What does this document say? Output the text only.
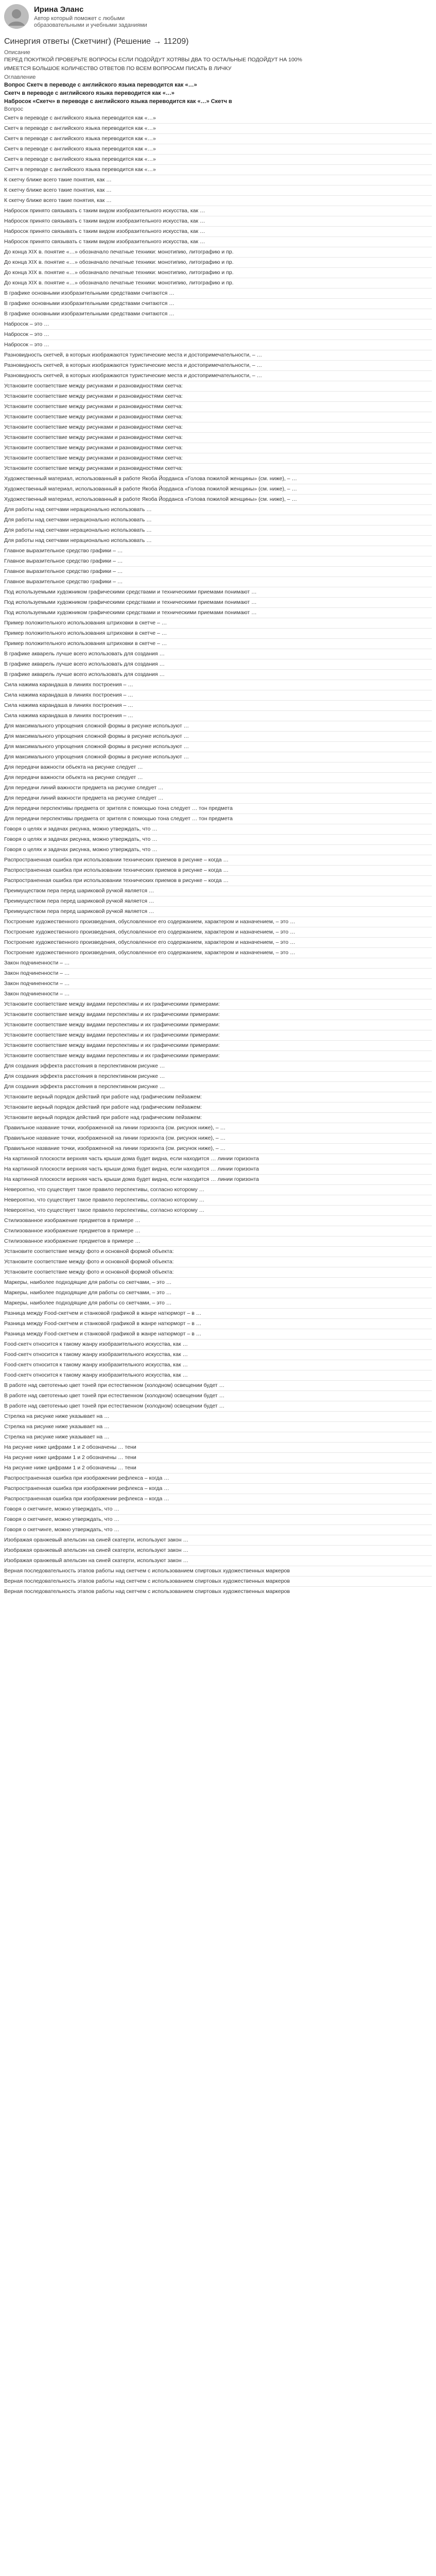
Ирина Эланс
Автор который поможет с любыми образовательными и учебными заданиями
Синергия ответы (Скетчинг) (Решение → 11209)
Описание
ПЕРЕД ПОКУПКОЙ ПРОВЕРЬТЕ ВОПРОСЫ ЕСЛИ ПОДОЙДУТ ХОТЯВЫ ДВА ТО ОСТАЛЬНЫЕ ПОДОЙДУТ НА 100%
ИМЕЕТСЯ БОЛЬШОЕ КОЛИЧЕСТВО ОТВЕТОВ ПО ВСЕМ ВОПРОСАМ ПИСАТЬ В ЛИЧКУ
Оглавление
Вопрос Скетч в переводе с английского языка переводится как «…»
Скетч в переводе с английского языка переводится как «…»
Набросок «Скетч» в переводе с английского языка переводится как «…» Скетч в
Вопрос
Скетч в переводе с английского языка переводится как «…»
Скетч в переводе с английского языка переводится как «…»
Скетч в переводе с английского языка переводится как «…»
Скетч в переводе с английского языка переводится как «…»
Скетч в переводе с английского языка переводится как «…»
Скетч в переводе с английского языка переводится как «…»
К скетчу ближе всего такие понятия, как …
К скетчу ближе всего такие понятия, как …
К скетчу ближе всего такие понятия, как …
Набросок принято связывать с таким видом изобразительного искусства, как …
Набросок принято связывать с таким видом изобразительного искусства, как …
Набросок принято связывать с таким видом изобразительного искусства, как …
Набросок принято связывать с таким видом изобразительного искусства, как …
До конца XIX в. понятие «…» обозначало печатные техники: монотипию, литографию и пр.
До конца XIX в. понятие «…» обозначало печатные техники: монотипию, литографию и пр.
До конца XIX в. понятие «…» обозначало печатные техники: монотипию, литографию и пр.
До конца XIX в. понятие «…» обозначало печатные техники: монотипию, литографию и пр.
В графике основными изобразительными средствами считаются …
В графике основными изобразительными средствами считаются …
В графике основными изобразительными средствами считаются …
Набросок – это …
Набросок – это …
Набросок – это …
Разновидность скетчей, в которых изображаются туристические места и достопримечательности, – …
Разновидность скетчей, в которых изображаются туристические места и достопримечательности, – …
Разновидность скетчей, в которых изображаются туристические места и достопримечательности, – …
Установите соответствие между рисунками и разновидностями скетча:
Установите соответствие между рисунками и разновидностями скетча:
Установите соответствие между рисунками и разновидностями скетча:
Установите соответствие между рисунками и разновидностями скетча:
Установите соответствие между рисунками и разновидностями скетча:
Установите соответствие между рисунками и разновидностями скетча:
Установите соответствие между рисунками и разновидностями скетча:
Установите соответствие между рисунками и разновидностями скетча:
Установите соответствие между рисунками и разновидностями скетча:
Художественный материал, использованный в работе Якоба Йорданса «Голова пожилой женщины» (см. ниже), – …
Художественный материал, использованный в работе Якоба Йорданса «Голова пожилой женщины» (см. ниже), – …
Художественный материал, использованный в работе Якоба Йорданса «Голова пожилой женщины» (см. ниже), – …
Для работы над скетчами нерационально использовать …
Для работы над скетчами нерационально использовать …
Для работы над скетчами нерационально использовать …
Для работы над скетчами нерационально использовать …
Главное выразительное средство графики – …
Главное выразительное средство графики – …
Главное выразительное средство графики – …
Главное выразительное средство графики – …
Под используемыми художником графическими средствами и техническими приемами понимают …
Под используемыми художником графическими средствами и техническими приемами понимают …
Под используемыми художником графическими средствами и техническими приемами понимают …
Пример положительного использования штриховки в скетче – …
Пример положительного использования штриховки в скетче – …
Пример положительного использования штриховки в скетче – …
В графике акварель лучше всего использовать для создания …
В графике акварель лучше всего использовать для создания …
В графике акварель лучше всего использовать для создания …
Сила нажима карандаша в линиях построения – …
Сила нажима карандаша в линиях построения – …
Сила нажима карандаша в линиях построения – …
Сила нажима карандаша в линиях построения – …
Для максимального упрощения сложной формы в рисунке используют …
Для максимального упрощения сложной формы в рисунке используют …
Для максимального упрощения сложной формы в рисунке используют …
Для максимального упрощения сложной формы в рисунке используют …
Для передачи важности объекта на рисунке следует …
Для передачи важности объекта на рисунке следует …
Для передачи линий важности предмета на рисунке следует …
Для передачи линий важности предмета на рисунке следует …
Для передачи перспективы предмета от зрителя с помощью тона следует … тон предмета
Для передачи перспективы предмета от зрителя с помощью тона следует … тон предмета
Говоря о целях и задачах рисунка, можно утверждать, что …
Говоря о целях и задачах рисунка, можно утверждать, что …
Говоря о целях и задачах рисунка, можно утверждать, что …
Распространенная ошибка при использовании технических приемов в рисунке – когда …
Распространенная ошибка при использовании технических приемов в рисунке – когда …
Распространенная ошибка при использовании технических приемов в рисунке – когда …
Преимуществом пера перед шариковой ручкой является …
Преимуществом пера перед шариковой ручкой является …
Преимуществом пера перед шариковой ручкой является …
Построение художественного произведения, обусловленное его содержанием, характером и назначением, – это …
Построение художественного произведения, обусловленное его содержанием, характером и назначением, – это …
Построение художественного произведения, обусловленное его содержанием, характером и назначением, – это …
Построение художественного произведения, обусловленное его содержанием, характером и назначением, – это …
Закон подчиненности – …
Закон подчиненности – …
Закон подчиненности – …
Закон подчиненности – …
Установите соответствие между видами перспективы и их графическими примерами:
Установите соответствие между видами перспективы и их графическими примерами:
Установите соответствие между видами перспективы и их графическими примерами:
Установите соответствие между видами перспективы и их графическими примерами:
Установите соответствие между видами перспективы и их графическими примерами:
Установите соответствие между видами перспективы и их графическими примерами:
Для создания эффекта расстояния в перспективном рисунке …
Для создания эффекта расстояния в перспективном рисунке …
Для создания эффекта расстояния в перспективном рисунке …
Установите верный порядок действий при работе над графическим пейзажем:
Установите верный порядок действий при работе над графическим пейзажем:
Установите верный порядок действий при работе над графическим пейзажем:
Правильное название точки, изображенной на линии горизонта (см. рисунок ниже), – …
Правильное название точки, изображенной на линии горизонта (см. рисунок ниже), – …
Правильное название точки, изображенной на линии горизонта (см. рисунок ниже), – …
На картинной плоскости верхняя часть крыши дома будет видна, если находится … линии горизонта
На картинной плоскости верхняя часть крыши дома будет видна, если находится … линии горизонта
На картинной плоскости верхняя часть крыши дома будет видна, если находится … линии горизонта
Невероятно, что существует такое правило перспективы, согласно которому …
Невероятно, что существует такое правило перспективы, согласно которому …
Невероятно, что существует такое правило перспективы, согласно которому …
Стилизованное изображение предметов в примере …
Стилизованное изображение предметов в примере …
Стилизованное изображение предметов в примере …
Установите соответствие между фото и основной формой объекта:
Установите соответствие между фото и основной формой объекта:
Установите соответствие между фото и основной формой объекта:
Маркеры, наиболее подходящие для работы со скетчами, – это …
Маркеры, наиболее подходящие для работы со скетчами, – это …
Маркеры, наиболее подходящие для работы со скетчами, – это …
Разница между Food-скетчем и станковой графикой в жанре натюрморт – в …
Разница между Food-скетчем и станковой графикой в жанре натюрморт – в …
Разница между Food-скетчем и станковой графикой в жанре натюрморт – в …
Food-скетч относится к такому жанру изобразительного искусства, как …
Food-скетч относится к такому жанру изобразительного искусства, как …
Food-скетч относится к такому жанру изобразительного искусства, как …
Food-скетч относится к такому жанру изобразительного искусства, как …
В работе над светотенью цвет тоней при естественном (холодном) освещении будет …
В работе над светотенью цвет тоней при естественном (холодном) освещении будет …
В работе над светотенью цвет тоней при естественном (холодном) освещении будет …
Стрелка на рисунке ниже указывает на …
Стрелка на рисунке ниже указывает на …
Стрелка на рисунке ниже указывает на …
На рисунке ниже цифрами 1 и 2 обозначены … тени
На рисунке ниже цифрами 1 и 2 обозначены … тени
На рисунке ниже цифрами 1 и 2 обозначены … тени
Распространенная ошибка при изображении рефлекса – когда …
Распространенная ошибка при изображении рефлекса – когда …
Распространенная ошибка при изображении рефлекса – когда …
Говоря о скетчинге, можно утверждать, что …
Говоря о скетчинге, можно утверждать, что …
Говоря о скетчинге, можно утверждать, что …
Изображая оранжевый апельсин на синей скатерти, используют закон …
Изображая оранжевый апельсин на синей скатерти, используют закон …
Изображая оранжевый апельсин на синей скатерти, используют закон …
Верная последовательность этапов работы над скетчем с использованием спиртовых художественных маркеров
Верная последовательность этапов работы над скетчем с использованием спиртовых художественных маркеров
Верная последовательность этапов работы над скетчем с использованием спиртовых художественных маркеров
